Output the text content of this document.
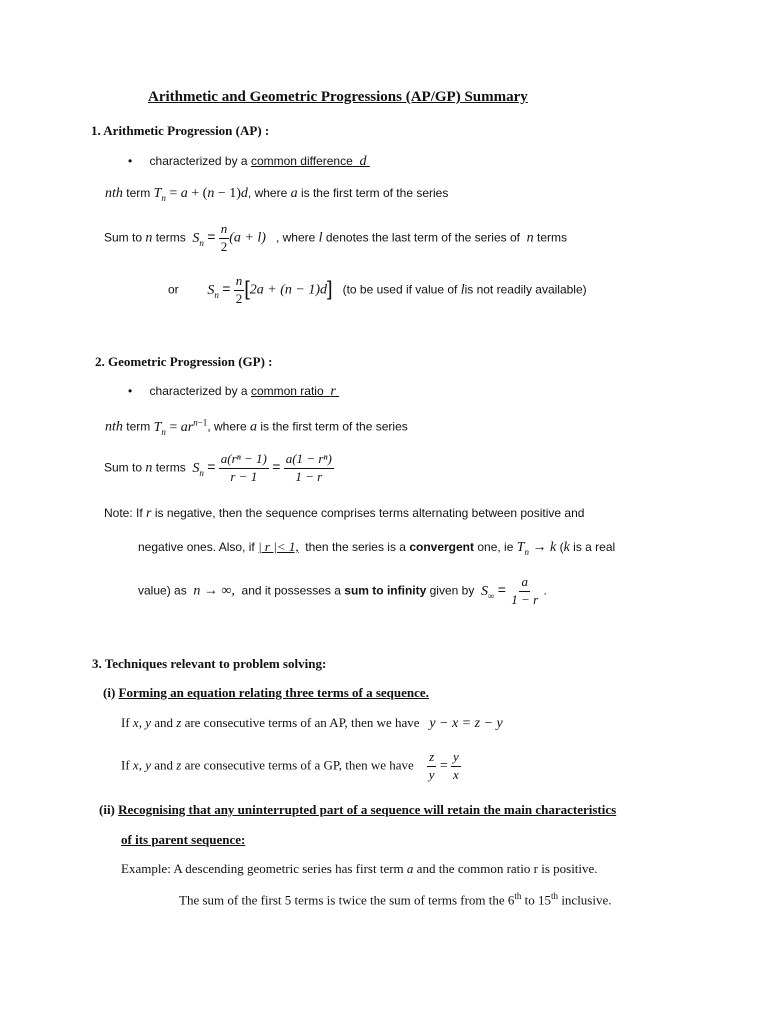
Arithmetic and Geometric Progressions (AP/GP) Summary
1. Arithmetic Progression (AP) :
• characterized by a common difference d
nth term $T_n = a + (n - 1)d$, where a is the first term of the series
Sum to n terms $S_n = \frac{n}{2} (a + l)$ , where l denotes the last term of the series of n terms
or $S_n = \frac{n}{2} [2a + (n - 1)d]$ (to be used if value of lis not readily available)
2. Geometric Progression (GP) :
• characterized by a common ratio r
nth term $T_n = ar^{n-1}$, where a is the first term of the series
Sum to n terms $S_n = \frac{\text{a(rⁿ − 1)}}{r - 1} = \frac{\text{a(1 − rⁿ)}}{1 - r}$
Note: If r is negative, then the sequence comprises terms alternating between positive and
negative ones. Also, if | r |< 1, then the series is a convergent one, ie $T_n \to k$ (k is a real
value) as n → ∞, and it possesses a sum to infinity given by $S_\infty = \frac{a}{1 - r}$ .
3. Techniques relevant to problem solving:
(i) Forming an equation relating three terms of a sequence.
If x, y and z are consecutive terms of an AP, then we have y − x = z − y
If x, y and z are consecutive terms of a GP, then we have $\frac{z}{y} = \frac{y}{x}$
(ii) Recognising that any uninterrupted part of a sequence will retain the main characteristics
of its parent sequence:
Example: A descending geometric series has first term a and the common ratio r is positive.
The sum of the first 5 terms is twice the sum of terms from the 6th to 15th inclusive.
